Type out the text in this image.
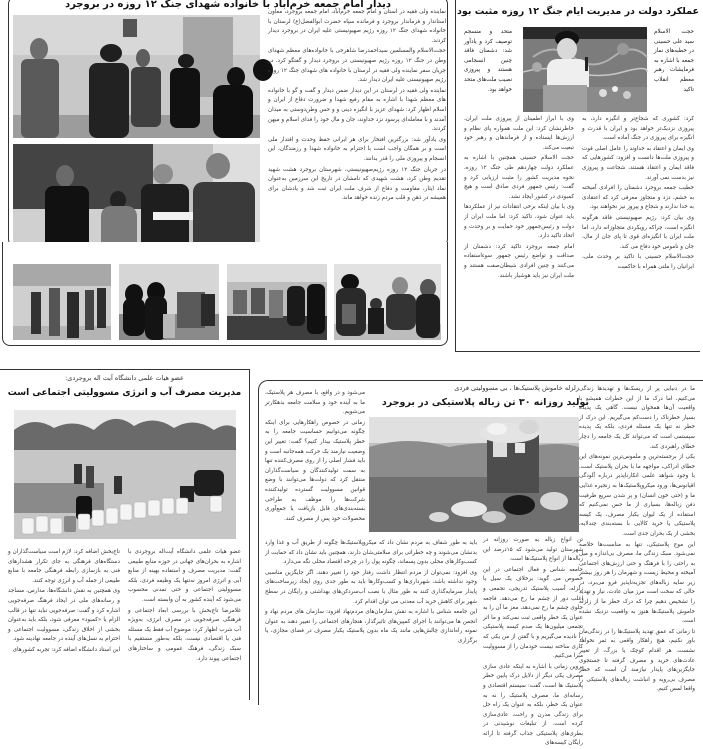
دیدار امام جمعه خرم‌آباد با خانواده شهدای جنگ ۱۲ روزه در بروجرد

نماینده ولی فقیه در استان و امام جمعه خرم‌آباد، امام جمعه بروجرد، معاون استاندار و فرماندار بروجرد و فرمانده سپاه حضرت ابوالفضل(ع) لرستان با خانواده شهدای جنگ ۱۲ روزه رژیم صهیونیستی علیه ایران در بروجرد دیدار کردند.

حجت‌الاسلام والمسلمین سیداحمدرضا شاهرخی با خانواده‌های معظم شهدای وطن در جنگ ۱۲ روزه رژیم صهیونیستی در بروجرد دیدار و گفتگو کرد. در جریان سفر نماینده ولی فقیه در لرستان با خانواده های شهدای جنگ ۱۲ روزه رژیم صهیونیستی علیه ایران دیدار شد.

نماینده ولی فقیه در لرستان در این دیدار ضمن دیدار و گفت و گو با خانواده های معظم شهدا با اشاره به مقام رفیع شهدا و ضرورت دفاع از ایران و اسلام اظهار کرد: شهدای عزیز با انگیزه دینی و و حس وطن‌دوستی به میدان آمدند و با معامله‌ای پرسود نزد خداوند، جان و مال خود را فدای اسلام و میهن کردند.

وی یادآور شد: بزرگترین افتخار برای هر ایرانی حفظ وحدت و اقتدار ملی است و بر همگان واجب است با احترام به خانواده شهدا و رزمندگان، این انسجام و پیروزی ملی را قدر بدانند.

در جریان جنگ ۱۲ روزه رژیم‌صهیونیستی، شهرستان بروجرد هشت شهید تقدیم وطن کرد، هشت شهیدی که نامشان در تاریخ این سرزمین به‌عنوان نماد ایثار، مقاومت و دفاع از شرف ملت ایران ثبت شد و یادشان برای همیشه در ذهن و قلب مردم زنده خواهد ماند.

عملکرد دولت در مدیریت ایام جنگ ۱۲ روزه مثبت بود
حجت الاسلام سید علی حسینی در خطبه‌های نماز جمعه با اشاره به فرمایشات رهبر معظم انقلاب تاکید
متحد و منسجم توصیف کرد و یادآور شد: دشمنان فاقد چنین انسجامی هستند و پیروزی نصیب ملت‌های متحد خواهد بود.

کرد: کشوری که شجاع‌تر و انگیزه دارد، به پیروزی نزدیک‌تر خواهد بود و ایران با قدرت و انگیزه برای پیروزی در جنگ آماده است.

وی ایمان و اعتقاد به خداوند را عامل اصلی قوت و پیروزی ملت‌ها دانست و افزود: کشورهایی که فاقد ایمان و اعتقاد هستند، شجاعت و پیروزی نیز بدست نمی آورند.

خطیب جمعه بروجرد دشمنان را افرادی آمیخته به خشم، دزد و متجاوز معرفی کرد که اعتقادی به خدا ندارند و شجاع و پیروز نیز نخواهند بود.

وی بیان کرد: رژیم صهیونیستی فاقد هرگونه انگیزه است، چراکه رویکردی متجاوزانه دارد، اما ملت ایران با انگیزه‌ای قوی تا پای جان از مال، جان و ناموس خود دفاع می کند.

حجت‌الاسلام حسینی با تاکید بر وحدت ملی، ایرانیان را ملتی همراه با حاکمیت

وی با ابراز اطمینان از پیروزی ملت ایران، خاطرنشان کرد: این ملت همواره پای نظام و ارزش‌ها ایستاده و از فرماندهان و رهبر خود تبعیت می‌کند.

حجت الاسلام حسینی همچنین با اشاره به عملکرد دولت چهاردهم طی جنگ ۱۲ روزه، نحوه مدیریت کشور را مثبت ارزیابی کرد و گفت: رئیس جمهور فردی صادق است و هیچ کمبودی در کشور ایجاد نشد.

وی با بیان اینکه برخی انتقادات نیز از عملکردها باید عنوان شود، تاکید کرد: اما ملت ایران از دولت و رئیس‌جمهور خود حمایت و بر وحدت و اتحاد تاکید دارد.

امام جمعه بروجرد تاکید کرد: دشمنان از صداقت و تواضع رئیس جمهور سوءاستفاده می‌کنند و چنین افرادی شیطان‌صفت هستند و ملت ایران نیز باید هوشیار باشند.

عضو هیات علمی دانشگاه آیت اله بروجردی:
مدیریت مصرف آب و انرژی مسوولیتی اجتماعی است

عضو هیات علمی دانشگاه آیت‌اله بروجردی با اشاره به بحران‌های جهانی در حوزه منابع طبیعی گفت: مدیریت مصرف و استفاده بهینه از منابع آبی و انرژی امروز نه‌تنها یک وظیفه فردی، بلکه مسوولیتی اجتماعی و حتی تمدنی محسوب می‌شود که آینده کشور به آن وابسته است.

غلامرضا تاج‌بخش با بررسی ابعاد اجتماعی و فرهنگی صرفه‌جویی در مصرف انرژی، به‌ویژه آب شرب اظهار کرد: موضوع آب فقط یک مسئله فنی یا اقتصادی نیست، بلکه به‌طور مستقیم با سبک زندگی، فرهنگ عمومی و ساختارهای اجتماعی پیوند دارد.

تاج‌بخش اضافه کرد: لازم است سیاست‌گذاران و دستگاه‌های فرهنگی به جای تکرار هشدارهای فنی به بازسازی رابطه فرهنگی جامعه با منابع طبیعی از جمله آب و انرژی توجه کنند.

وی همچنین به نقش دانشگاه‌ها، مدارس، مساجد و رسانه‌های ملی در ایجاد فرهنگ صرفه‌جویی اشاره کرد و گفت: صرفه‌جویی نباید تنها در قالب الزام یا «کمبود» معرفی شود، بلکه باید به‌عنوان بخشی از اخلاق زندگی، مسوولیت اجتماعی و احترام به نسل‌های آینده در جامعه نهادینه شود.

این استاد دانشگاه اضافه کرد: تجربه کشورهای

زلزله خاموش پلاستیک‌ها ، بی مسوولیتی فردی
تولید روزانه ۳۰ تن زباله پلاستیکی در بروجرد

ما در دنیایی پر از ریسک‌ها و تهدیدها زندگی می‌کنیم، اما درک ما از این خطرات همیشه با واقعیت آن‌ها همخوان نیست. گاهی یک پدیده بسیار خطرناک را دست‌کم می‌گیریم. این درک از خطر نه تنها یک مسئله فردی، بلکه یک پدیده سیستمی است که می‌تواند کل یک جامعه را دچار خطای راهبردی کند.

یکی از برجسته‌ترین و ملموس‌ترین نمونه‌های این خطای ادراکی، مواجهه ما با بحران پلاستیک است. با وجود شواهد علمی انکارناپذیر درباره آلودگی اقیانوس‌ها، ورود میکروپلاستیک‌ها به زنجیره غذایی ما و (حتی خون انسان) و پر شدن سریع ظرفیت دفن زباله‌ها، بسیاری از ما حس نمی‌کنیم که استفاده از یک لیوان یکبار مصرف، یک کیسه پلاستیکی یا خرید کالایی با بسته‌بندی چندلایه، بخشی از یک بحران جدی است.

این موج پلاستیکی، تنها به مناسبت‌ها خلاصه نمی‌شود. سبک زندگی ما، مصرف بی‌اندازه و میل به راحتی را با فرهنگ و حتی ارزش‌های اجتماعی آمیخته و محیط زیست و شهرمان را هر روز بیشتر زیر سایه زباله‌های تجزیه‌ناپذیر فرو می‌برد، در حالی که سخت است مرز میان عادت، نیاز و تهدید را تشخیص دهیم چرا که درک خطر ما از زلزله خاموش پلاستیک‌ها هنوز به واقعیت نزدیک نشده است.

تا زمانی که عمق تهدید پلاستیک‌ها را در زندگی‌مان باور نکنیم، هیچ راهکار واقعی به ثمر نخواهد نشست. هر اقدام کوچک یا بزرگ، از تغییر عادت‌های خرید و مصرف گرفته تا جستجوی جایگزین‌های پایدار نیازمند آن است که خطر مصرف بی‌رویه و انباشت زباله‌های پلاستیکی را واقعا لمس کنیم.

تن انواع زباله به صورت روزانه در شهرستان تولید می‌شود که ۱۵درصد این زباله‌ها از انواع پلاستیک‌ها است.

جامعه شناس و فعال اجتماعی در این خصوص می گوید: برخلاف یک سیل یا زلزله، آسیب پلاستیک تدریجی، تجمعی و اغلب دور از چشم ما رخ می‌دهد. فاجعه جلوی چشم ما رخ نمی‌دهد، مغز ما آن را به عنوان یک خطر واقعی ثبت نمی‌کند و ما اثر تجمعی میلیون‌ها یک صدم کیسه پلاستیکی را نادیده می‌گیریم و با گفتن از من یکی که کاری ساخته نیست خودمان را از مسوولیت مبرا می‌کنیم.

پروین زمانی با اشاره به اینکه عادی سازی مصرف یکی دیگر از دلایل درک پایین خطر پلاستیک ها است، گفت: سیستم اقتصادی و رسانه‌ای ما، مصرف پلاستیک را نه به عنوان یک خطر، بلکه به عنوان یک راه حل برای زندگی مدرن و راحت، عادی‌سازی کرده است. از تبلیغات نوشیدنی در بطری‌های پلاستیکی جذاب گرفته تا ارائه رایگان کیسه‌های

می‌شود و در واقع، با مصرف هر پلاستیک، ما به آینده خود و سلامت جامعه بدهکارتر می‌شویم.

زمانی در خصوص راهکارهایی برای اینکه چگونه می‌توانیم حساسیت جامعه را به خطر پلاستیک بیدار کنیم؟ گفت: تغییر این وضعیت نیازمند یک حرکت همه‌جانبه است و باید فشار اصلی را از روی مصرف‌کننده تنها به سمت تولیدکنندگان و سیاست‌گذاران منتقل کرد که دولت‌ها می‌توانند با وضع قوانین مسوولیت گسترده تولیدکننده شرکت‌ها را موظف به طراحی بسته‌بندی‌های قابل بازیافت یا جمع‌آوری محصولات خود پس از مصرف کنند.

باید به طور شفاف به مردم نشان داد که میکروپلاستیک‌ها چگونه از طریق آب و غذا وارد بدنشان می‌شوند و چه خطراتی برای سلامتی‌شان دارند، همچنین باید نشان داد که حمایت از کسب‌وکارهای محلی بدون پسماند، چگونه پول را در چرخه اقتصاد محلی نگه می‌دارد.

وی افزود: نمی‌توان از مردم انتظار داشت رفتار خود را تغییر دهند، اگر جایگزین مناسبی وجود نداشته باشد، شهرداری‌ها و کسب‌وکارها باید به طور جدی روی ایجاد زیرساخت‌های پایدار سرمایه‌گذاری کنند به طور مثال با نصب آب‌سردکن‌های بهداشتی و رایگان در سطح شهر برای کاهش خرید آب معدنی می توان اقدام کرد.

این جامعه شناس با اشاره به نقش سازمان‌های مردم‌نهاد افزود: سازمان های مردم نهاد و انجمن ها می‌توانند با اجرای کمپین‌های تاثیرگذار، هنجارهای اجتماعی را تغییر دهند به عنوان نمونه راه‌اندازی چالش‌هایی مانند یک ماه بدون پلاستیک یکبار مصرف در فضای مجازی، یا برگزاری
